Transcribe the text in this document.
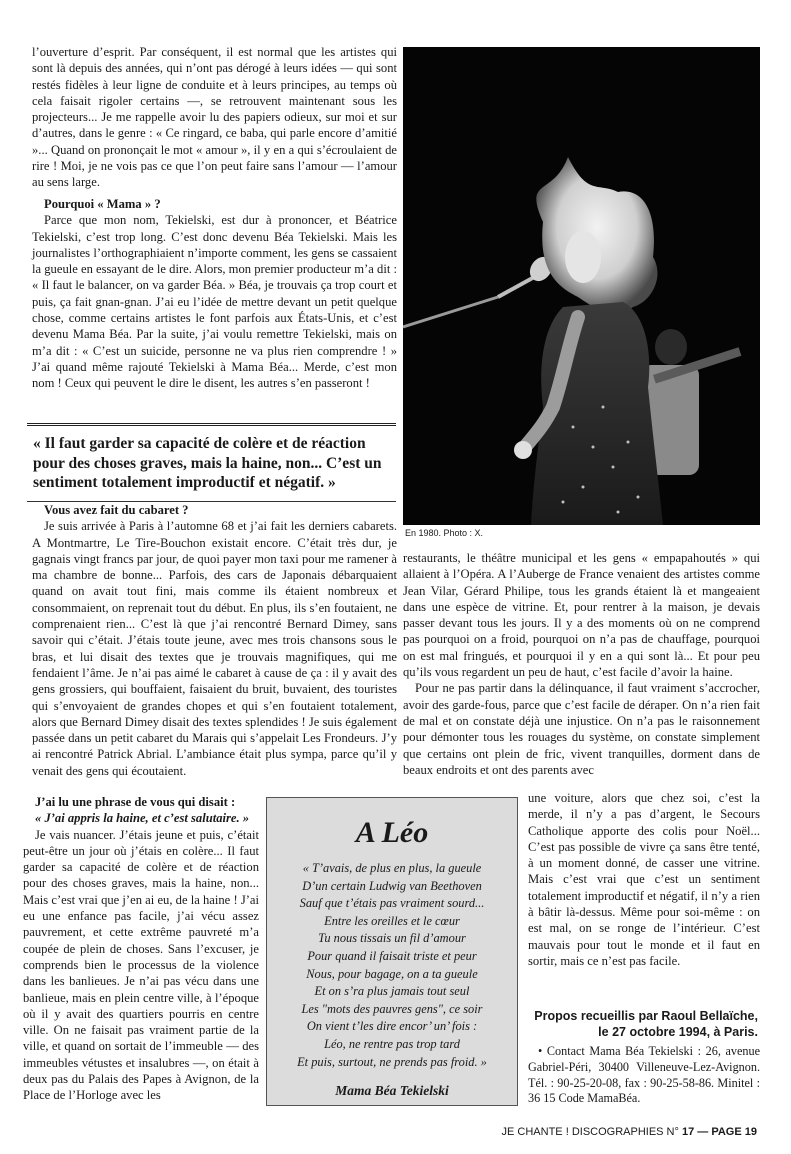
l’ouverture d’esprit. Par conséquent, il est normal que les artistes qui sont là depuis des années, qui n’ont pas dérogé à leurs idées — qui sont restés fidèles à leur ligne de conduite et à leurs principes, au temps où cela faisait rigoler certains —, se retrouvent maintenant sous les projecteurs... Je me rappelle avoir lu des papiers odieux, sur moi et sur d’autres, dans le genre : « Ce ringard, ce baba, qui parle encore d’amitié »... Quand on prononçait le mot « amour », il y en a qui s’écroulaient de rire ! Moi, je ne vois pas ce que l’on peut faire sans l’amour — l’amour au sens large.

Pourquoi « Mama » ?

Parce que mon nom, Tekielski, est dur à prononcer, et Béatrice Tekielski, c’est trop long. C’est donc devenu Béa Tekielski. Mais les journalistes l’orthographiaient n’importe comment, les gens se cassaient la gueule en essayant de le dire. Alors, mon premier producteur m’a dit : « Il faut le balancer, on va garder Béa. » Béa, je trouvais ça trop court et puis, ça fait gnan-gnan. J’ai eu l’idée de mettre devant un petit quelque chose, comme certains artistes le font parfois aux États-Unis, et c’est devenu Mama Béa. Par la suite, j’ai voulu remettre Tekielski, mais on m’a dit : « C’est un suicide, personne ne va plus rien comprendre ! » J’ai quand même rajouté Tekielski à Mama Béa... Merde, c’est mon nom ! Ceux qui peuvent le dire le disent, les autres s’en passeront !

« Il faut garder sa capacité de colère et de réaction pour des choses graves, mais la haine, non... C’est un sentiment totalement improductif et négatif. »

Vous avez fait du cabaret ?

Je suis arrivée à Paris à l’automne 68 et j’ai fait les derniers cabarets. A Montmartre, Le Tire-Bouchon existait encore. C’était très dur, je gagnais vingt francs par jour, de quoi payer mon taxi pour me ramener à ma chambre de bonne... Parfois, des cars de Japonais débarquaient quand on avait tout fini, mais comme ils étaient nombreux et consommaient, on reprenait tout du début. En plus, ils s’en foutaient, ne comprenaient rien... C’est là que j’ai rencontré Bernard Dimey, sans savoir qui c’était. J’étais toute jeune, avec mes trois chansons sous le bras, et lui disait des textes que je trouvais magnifiques, qui me fendaient l’âme. Je n’ai pas aimé le cabaret à cause de ça : il y avait des gens grossiers, qui bouffaient, faisaient du bruit, buvaient, des touristes qui s’envoyaient de grandes chopes et qui s’en foutaient totalement, alors que Bernard Dimey disait des textes splendides ! Je suis également passée dans un petit cabaret du Marais qui s’appelait Les Frondeurs. J’y ai rencontré Patrick Abrial. L’ambiance était plus sympa, parce qu’il y venait des gens qui écoutaient.

En 1980. Photo : X.

restaurants, le théâtre municipal et les gens « empapahoutés » qui allaient à l’Opéra. A l’Auberge de France venaient des artistes comme Jean Vilar, Gérard Philipe, tous les grands étaient là et mangeaient dans une espèce de vitrine. Et, pour rentrer à la maison, je devais passer devant tous les jours. Il y a des moments où on ne comprend pas pourquoi on a froid, pourquoi on n’a pas de chauffage, pourquoi on est mal fringués, et pourquoi il y en a qui sont là... Et pour peu qu’ils vous regardent un peu de haut, c’est facile d’avoir la haine.

Pour ne pas partir dans la délinquance, il faut vraiment s’accrocher, avoir des garde-fous, parce que c’est facile de déraper. On n’a rien fait de mal et on constate déjà une injustice. On n’a pas le raisonnement pour démonter tous les rouages du système, on constate simplement que certains ont plein de fric, vivent tranquilles, dorment dans de beaux endroits et ont des parents avec

J’ai lu une phrase de vous qui disait :

« J’ai appris la haine, et c’est salutaire. »

Je vais nuancer. J’étais jeune et puis, c’était peut-être un jour où j’étais en colère... Il faut garder sa capacité de colère et de réaction pour des choses graves, mais la haine, non... Mais c’est vrai que j’en ai eu, de la haine ! J’ai eu une enfance pas facile, j’ai vécu assez pauvrement, et cette extrême pauvreté m’a coupée de plein de choses. Sans l’excuser, je comprends bien le processus de la violence dans les banlieues. Je n’ai pas vécu dans une banlieue, mais en plein centre ville, à l’époque où il y avait des quartiers pourris en centre ville. On ne faisait pas vraiment partie de la ville, et quand on sortait de l’immeuble — des immeubles vétustes et insalubres —, on était à deux pas du Palais des Papes à Avignon, de la Place de l’Horloge avec les

A Léo
« T’avais, de plus en plus, la gueule
D’un certain Ludwig van Beethoven
Sauf que t’étais pas vraiment sourd...
Entre les oreilles et le cœur
Tu nous tissais un fil d’amour
Pour quand il faisait triste et peur
Nous, pour bagage, on a ta gueule
Et on s’ra plus jamais tout seul
Les "mots des pauvres gens", ce soir
On vient t’les dire encor’ un’ fois :
Léo, ne rentre pas trop tard
Et puis, surtout, ne prends pas froid. »
Mama Béa Tekielski

une voiture, alors que chez soi, c’est la merde, il n’y a pas d’argent, le Secours Catholique apporte des colis pour Noël... C’est pas possible de vivre ça sans être tenté, à un moment donné, de casser une vitrine. Mais c’est vrai que c’est un sentiment totalement improductif et négatif, il n’y a rien à bâtir là-dessus. Même pour soi-même : on est mal, on se ronge de l’intérieur. C’est mauvais pour tout le monde et il faut en sortir, mais ce n’est pas facile.

Propos recueillis par Raoul Bellaïche,
le 27 octobre 1994, à Paris.

• Contact Mama Béa Tekielski : 26, avenue Gabriel-Péri, 30400 Villeneuve-Lez-Avignon. Tél. : 90-25-20-08, fax : 90-25-58-86. Minitel : 36 15 Code MamaBéa.

JE CHANTE ! DISCOGRAPHIES N° 17 — PAGE 19
